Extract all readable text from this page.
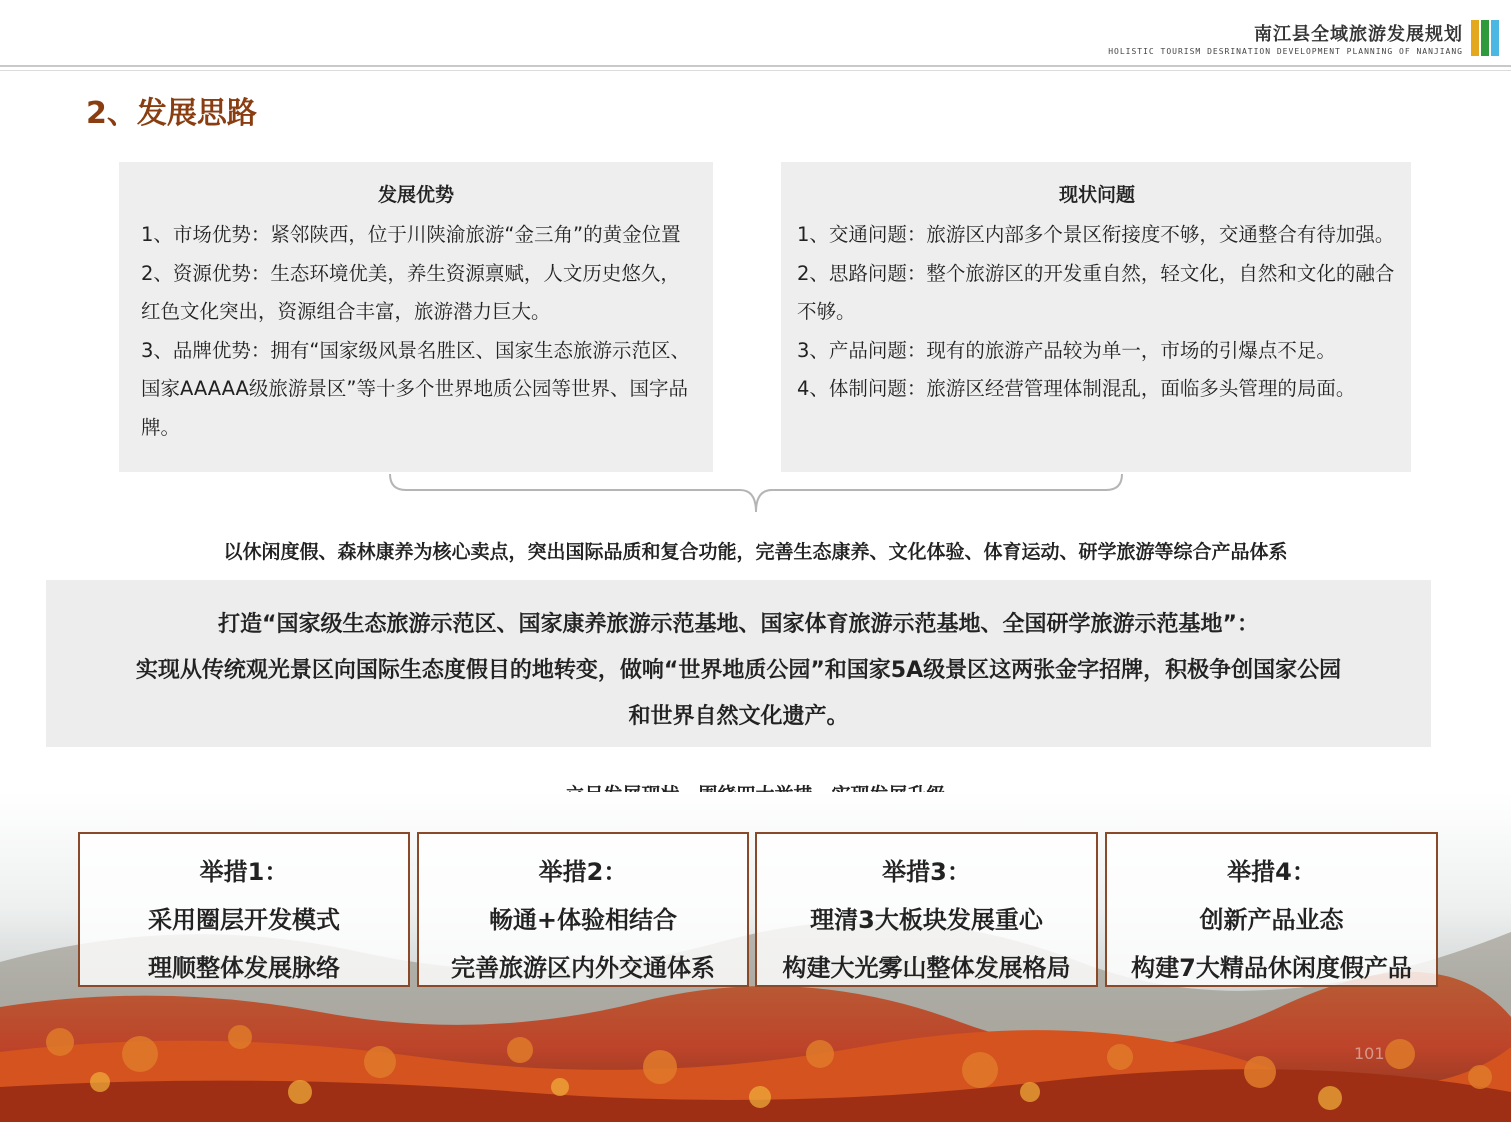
南江县全域旅游发展规划
HOLISTIC TOURISM DESRINATION DEVELOPMENT PLANNING OF NANJIANG
2、发展思路
发展优势
1、市场优势：紧邻陕西，位于川陕渝旅游“金三角”的黄金位置
2、资源优势：生态环境优美，养生资源禀赋，人文历史悠久，红色文化突出，资源组合丰富，旅游潜力巨大。
3、品牌优势：拥有“国家级风景名胜区、国家生态旅游示范区、国家AAAAA级旅游景区”等十多个世界地质公园等世界、国字品牌。
现状问题
1、交通问题：旅游区内部多个景区衔接度不够，交通整合有待加强。
2、思路问题：整个旅游区的开发重自然，轻文化，自然和文化的融合不够。
3、产品问题：现有的旅游产品较为单一，市场的引爆点不足。
4、体制问题：旅游区经营管理体制混乱，面临多头管理的局面。
以休闲度假、森林康养为核心卖点，突出国际品质和复合功能，完善生态康养、文化体验、体育运动、研学旅游等综合产品体系
打造“国家级生态旅游示范区、国家康养旅游示范基地、国家体育旅游示范基地、全国研学旅游示范基地”：
实现从传统观光景区向国际生态度假目的地转变，做响“世界地质公园”和国家5A级景区这两张金字招牌，积极争创国家公园
和世界自然文化遗产。
举措1：
采用圈层开发模式
理顺整体发展脉络
举措2：
畅通+体验相结合
完善旅游区内外交通体系
举措3：
理清3大板块发展重心
构建大光雾山整体发展格局
举措4：
创新产品业态
构建7大精品休闲度假产品
101
